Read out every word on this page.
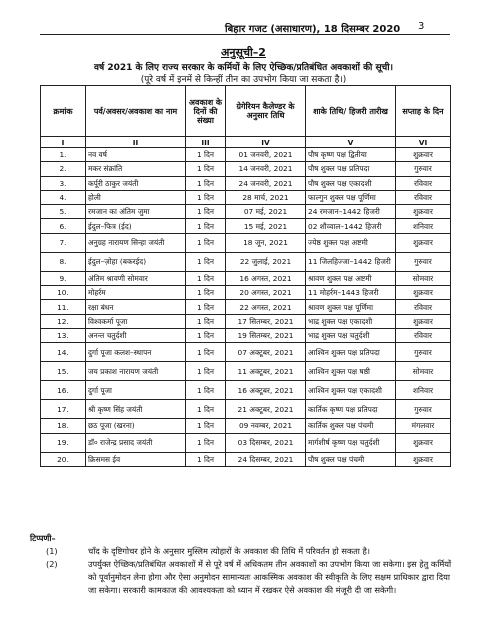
बिहार गजट (असाधारण), 18 दिसम्बर 2020 3
अनुसूची–2
वर्ष 2021 के लिए राज्य सरकार के कर्मियों के लिए ऐच्छिक/प्रतिबंधित अवकाशों की सूची।
(पूरे वर्ष में इनमें से किन्हीं तीन का उपभोग किया जा सकता है।)
क्रमांक	पर्व/अवसर/अवकाश का नाम	अवकाश के दिनों की संख्या	ग्रेगेरियन कैलेण्डर के अनुसार तिथि	शाके तिथि/ हिजरी तारीख	सप्ताह के दिन
I	II	III	IV	V	VI
1.	नव वर्ष	1 दिन	01 जनवरी, 2021	पौष कृष्ण पक्ष द्वितीया	शुक्रवार
2.	मकर संक्रांति	1 दिन	14 जनवरी, 2021	पौष शुक्ल पक्ष प्रतिपदा	गुरुवार
3.	कर्पूरी ठाकुर जयंती	1 दिन	24 जनवरी, 2021	पौष शुक्ल पक्ष एकादशी	रविवार
4.	होली	1 दिन	28 मार्च, 2021	फाल्गुन शुक्ल पक्ष पूर्णिमा	रविवार
5.	रमजान का अंतिम जुमा	1 दिन	07 मई, 2021	24 रमजान–1442 हिजरी	शुक्रवार
6.	ईदुल–फित्र (ईद)	1 दिन	15 मई, 2021	02 शौव्वाल–1442 हिजरी	शनिवार
7.	अनुग्रह नारायण सिन्हा जयंती	1 दिन	18 जून, 2021	ज्येष्ठ शुक्ल पक्ष अष्टमी	शुक्रवार
8.	ईदुल–ज़ोहा (बकरईद)	1 दिन	22 जुलाई, 2021	11 जिलहिज्जा–1442 हिजरी	गुरुवार
9.	अंतिम श्रावणी सोमवार	1 दिन	16 अगस्त, 2021	श्रावण शुक्ल पक्ष अष्टमी	सोमवार
10.	मोहर्रम	1 दिन	20 अगस्त, 2021	11 मोहर्रम–1443 हिजरी	शुक्रवार
11.	रक्षा बंधन	1 दिन	22 अगस्त, 2021	श्रावण शुक्ल पक्ष पूर्णिमा	रविवार
12.	विश्वकर्मा पूजा	1 दिन	17 सितम्बर, 2021	भाद्र शुक्ल पक्ष एकादशी	शुक्रवार
13.	अनन्त चतुर्दशी	1 दिन	19 सितम्बर, 2021	भाद्र शुक्ल पक्ष चतुर्दशी	रविवार
14.	दुर्गा पूजा कलश–स्थापन	1 दिन	07 अक्टूबर, 2021	आश्विन शुक्ल पक्ष प्रतिपदा	गुरुवार
15.	जय प्रकाश नारायण जयंती	1 दिन	11 अक्टूबर, 2021	आश्विन शुक्ल पक्ष षष्ठी	सोमवार
16.	दुर्गा पूजा	1 दिन	16 अक्टूबर, 2021	आश्विन शुक्ल पक्ष एकादशी	शनिवार
17.	श्री कृष्ण सिंह जयंती	1 दिन	21 अक्टूबर, 2021	कार्तिक कृष्ण पक्ष प्रतिपदा	गुरुवार
18.	छठ पूजा (खरना)	1 दिन	09 नवम्बर, 2021	कार्तिक शुक्ल पक्ष पंचमी	मंगलवार
19.	डॉ० राजेन्द्र प्रसाद जयंती	1 दिन	03 दिसम्बर, 2021	मार्गशीर्ष कृष्ण पक्ष चतुर्दशी	शुक्रवार
20.	क्रिसमस ईव	1 दिन	24 दिसम्बर, 2021	पौष शुक्ल पक्ष पंचमी	शुक्रवार
टिप्पणी–
(1)	चाँद के दृष्टिगोचर होने के अनुसार मुस्लिम त्योहारों के अवकाश की तिथि में परिवर्तन हो सकता है।
(2)	उपर्युक्त ऐच्छिक/प्रतिबंधित अवकाशों में से पूरे वर्ष में अधिकतम तीन अवकाशों का उपभोग किया जा सकेगा। इस हेतु कर्मियों को पूर्वानुमोदन लेना होगा और ऐसा अनुमोदन सामान्यतः आकस्मिक अवकाश की स्वीकृति के लिए सक्षम प्राधिकार द्वारा दिया जा सकेगा। सरकारी कामकाज की आवश्यकता को ध्यान में रखकर ऐसे अवकाश की मंजूरी दी जा सकेगी।
